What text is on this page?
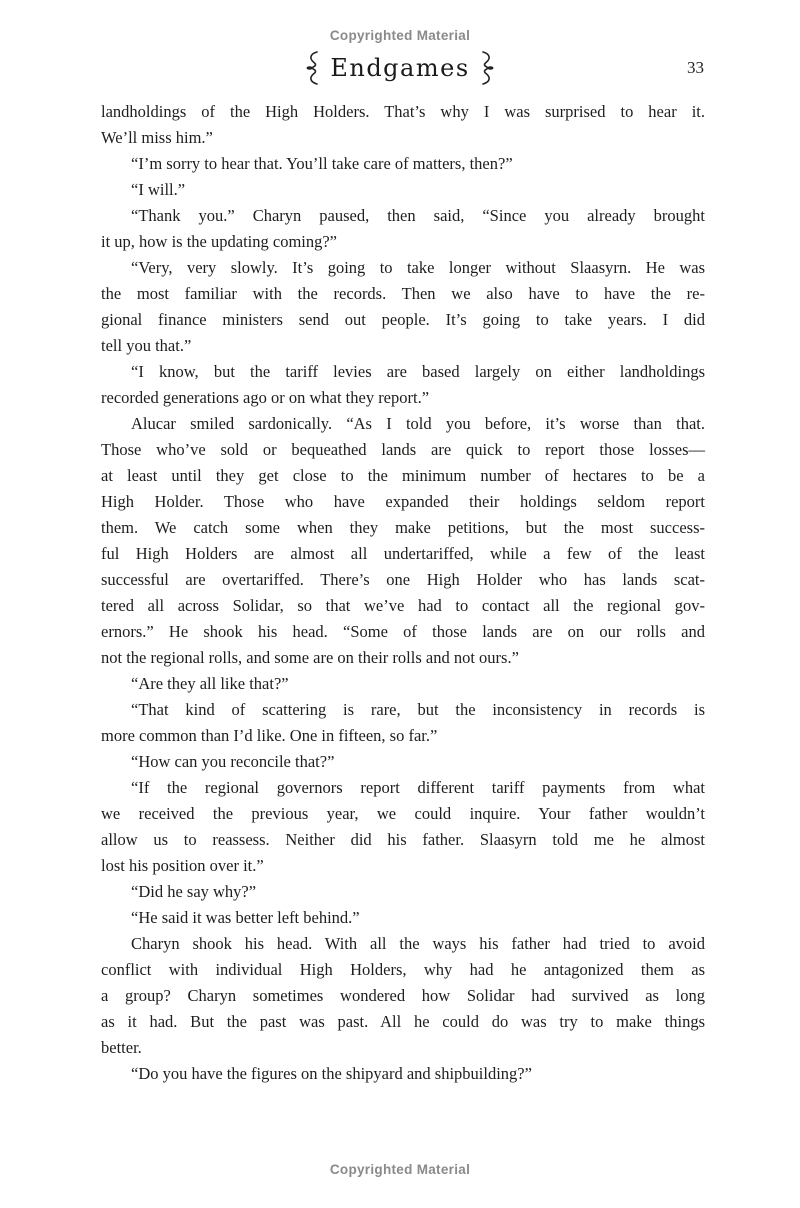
Copyrighted Material
Endgames	33
landholdings of the High Holders. That’s why I was surprised to hear it.
We’ll miss him.”
“I’m sorry to hear that. You’ll take care of matters, then?”
“I will.”
“Thank you.” Charyn paused, then said, “Since you already brought
it up, how is the updating coming?”
“Very, very slowly. It’s going to take longer without Slaasyrn. He was
the most familiar with the records. Then we also have to have the re-
gional finance ministers send out people. It’s going to take years. I did
tell you that.”
“I know, but the tariff levies are based largely on either landholdings
recorded generations ago or on what they report.”
Alucar smiled sardonically. “As I told you before, it’s worse than that.
Those who’ve sold or bequeathed lands are quick to report those losses—
at least until they get close to the minimum number of hectares to be a
High Holder. Those who have expanded their holdings seldom report
them. We catch some when they make petitions, but the most success-
ful High Holders are almost all undertariffed, while a few of the least
successful are overtariffed. There’s one High Holder who has lands scat-
tered all across Solidar, so that we’ve had to contact all the regional gov-
ernors.” He shook his head. “Some of those lands are on our rolls and
not the regional rolls, and some are on their rolls and not ours.”
“Are they all like that?”
“That kind of scattering is rare, but the inconsistency in records is
more common than I’d like. One in fifteen, so far.”
“How can you reconcile that?”
“If the regional governors report different tariff payments from what
we received the previous year, we could inquire. Your father wouldn’t
allow us to reassess. Neither did his father. Slaasyrn told me he almost
lost his position over it.”
“Did he say why?”
“He said it was better left behind.”
Charyn shook his head. With all the ways his father had tried to avoid
conflict with individual High Holders, why had he antagonized them as
a group? Charyn sometimes wondered how Solidar had survived as long
as it had. But the past was past. All he could do was try to make things
better.
“Do you have the figures on the shipyard and shipbuilding?”
Copyrighted Material
